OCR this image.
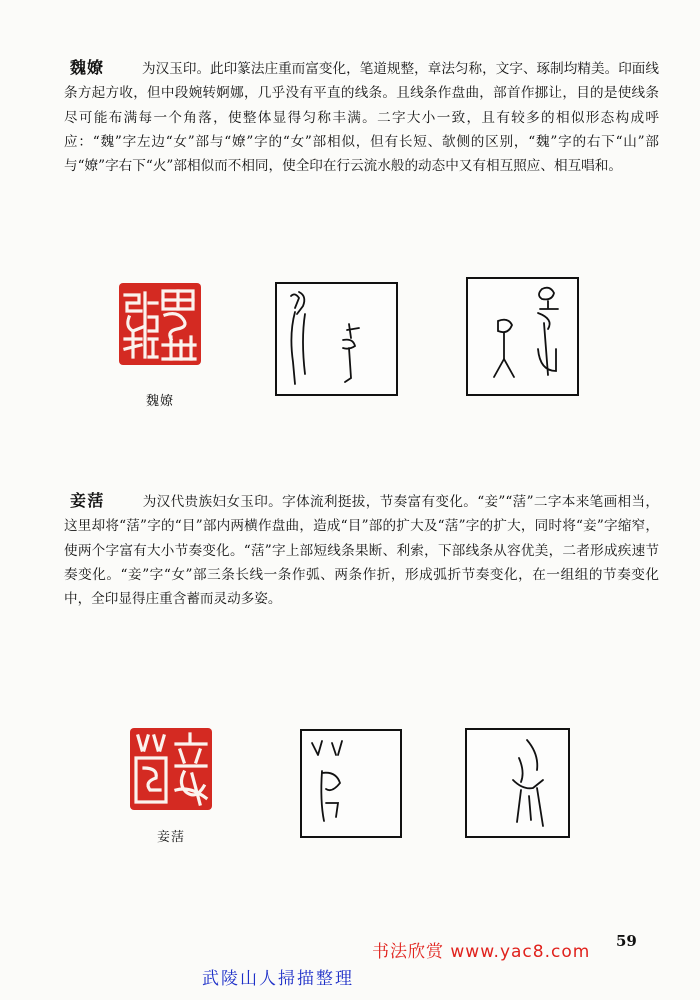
魏嫽	为汉玉印。此印篆法庄重而富变化，笔道规整，章法匀称，文字、琢制均精美。印面线条方起方收，但中段婉转婀娜，几乎没有平直的线条。且线条作盘曲，部首作挪让，目的是使线条尽可能布满每一个角落，使整体显得匀称丰满。二字大小一致，且有较多的相似形态构成呼应：“魏”字左边“女”部与“嫽”字的“女”部相似，但有长短、欹侧的区别，“魏”字的右下“山”部与“嫽”字右下“火”部相似而不相同，使全印在行云流水般的动态中又有相互照应、相互唱和。
魏嫽
妾萿	为汉代贵族妇女玉印。字体流利挺拔，节奏富有变化。“妾”“萿”二字本来笔画相当，这里却将“萿”字的“目”部内两横作盘曲，造成“目”部的扩大及“萿”字的扩大，同时将“妾”字缩窄，使两个字富有大小节奏变化。“萿”字上部短线条果断、利索，下部线条从容优美，二者形成疾速节奏变化。“妾”字“女”部三条长线一条作弧、两条作折，形成弧折节奏变化，在一组组的节奏变化中，全印显得庄重含蓄而灵动多姿。
妾萿
59
书法欣赏 www.yac8.com
武陵山人掃描整理
